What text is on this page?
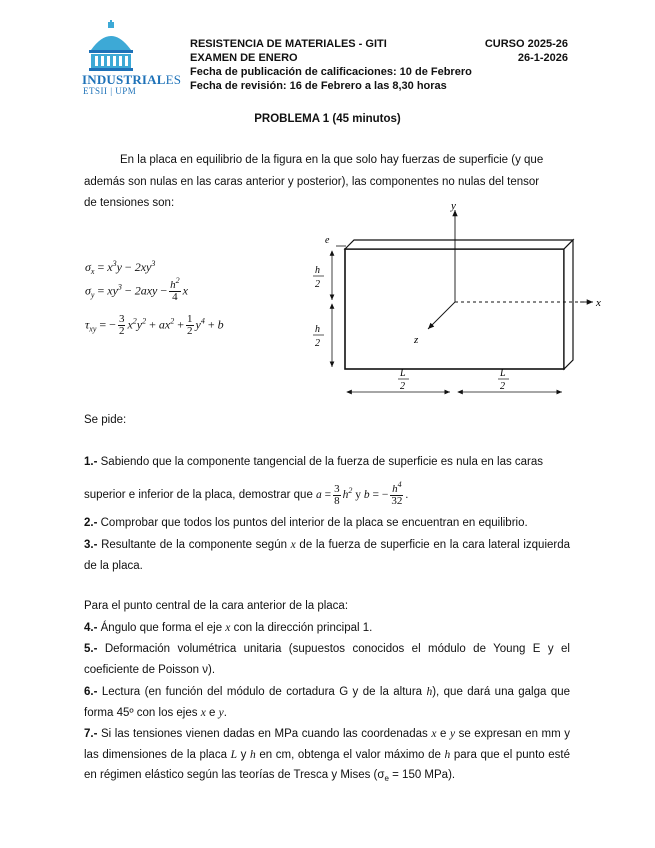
INDUSTRIALES
ETSII | UPM
RESISTENCIA DE MATERIALES - GITI	CURSO 2025-26
EXAMEN DE ENERO	26-1-2026
Fecha de publicación de calificaciones: 10 de Febrero
Fecha de revisión: 16 de Febrero a las 8,30 horas
PROBLEMA 1 (45 minutos)
En la placa en equilibrio de la figura en la que solo hay fuerzas de superficie (y que
además son nulas en las caras anterior y posterior), las componentes no nulas del tensor
de tensiones son:
$\sigma_x = x^3y - 2xy^3$
$\sigma_y = xy^3 - 2axy - \frac{h^2}{4}$ x
$\tau_{xy}$ = − $\frac{3}{2} x^2y^2 + ax^2 + \frac{1}{2} y^4 + b$
y
x
z
e
h
2
h
2
L
2
L
2
Se pide:
1.- Sabiendo que la componente tangencial de la fuerza de superficie es nula en las caras
superior e inferior de la placa, demostrar que $a = \frac{3}{8} h^2$ y b = − $\frac{h^4}{32}$ .
2.- Comprobar que todos los puntos del interior de la placa se encuentran en equilibrio.
3.- Resultante de la componente según x de la fuerza de superficie en la cara lateral izquierda de la placa.
Para el punto central de la cara anterior de la placa:
4.- Ángulo que forma el eje x con la dirección principal 1.
5.- Deformación volumétrica unitaria (supuestos conocidos el módulo de Young E y el coeficiente de Poisson ν).
6.- Lectura (en función del módulo de cortadura G y de la altura h), que dará una galga que forma 45º con los ejes x e y.
7.- Si las tensiones vienen dadas en MPa cuando las coordenadas x e y se expresan en mm y las dimensiones de la placa L y h en cm, obtenga el valor máximo de h para que el punto esté en régimen elástico según las teorías de Tresca y Mises ($\sigma_e = 150$ MPa).
